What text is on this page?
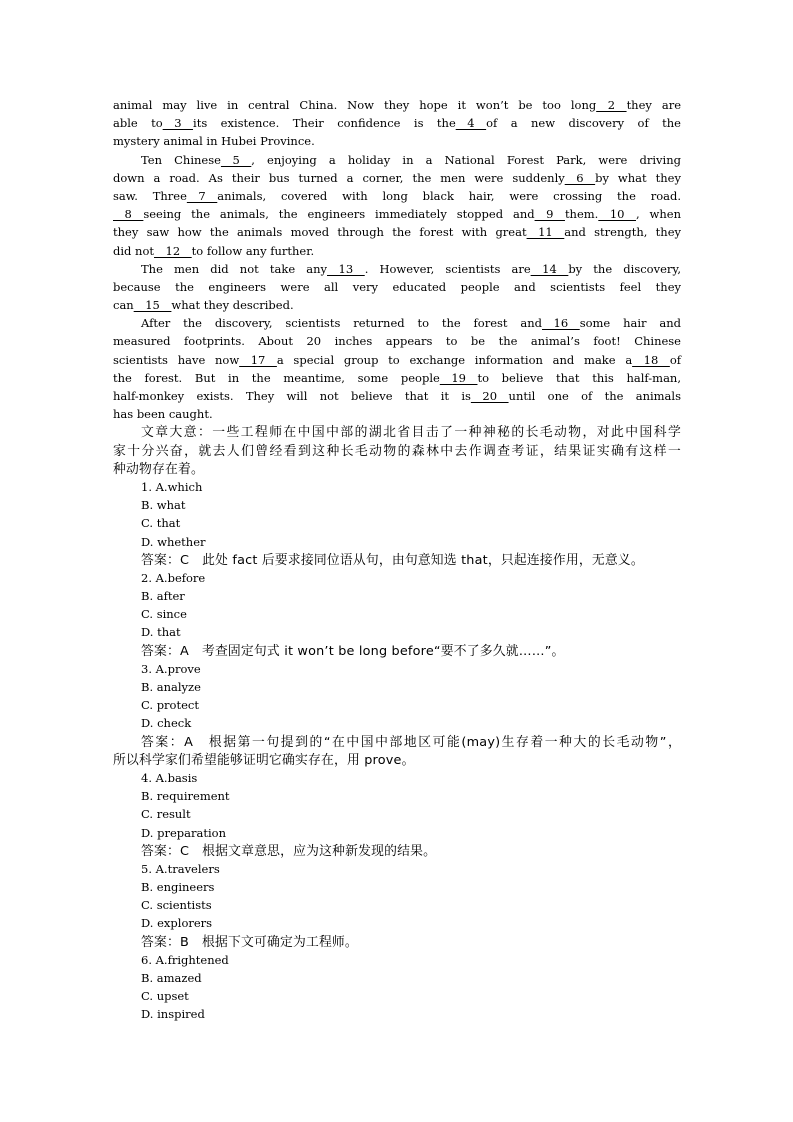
animal may live in central China. Now they hope it won’t be too long__2__they are
able to__3__its existence. Their confidence is the__4__of a new discovery of the
mystery animal in Hubei Province.
Ten Chinese__5__, enjoying a holiday in a National Forest Park, were driving
down a road. As their bus turned a corner, the men were suddenly__6__by what they
saw. Three__7__animals, covered with long black hair, were crossing the road.
__8__seeing the animals, the engineers immediately stopped and__9__them.__10__, when
they saw how the animals moved through the forest with great__11__and strength, they
did not__12__to follow any further.
The men did not take any__13__. However, scientists are__14__by the discovery,
because the engineers were all very educated people and scientists feel they
can__15__what they described.
After the discovery, scientists returned to the forest and__16__some hair and
measured footprints. About 20 inches appears to be the animal’s foot! Chinese
scientists have now__17__a special group to exchange information and make a__18__of
the forest. But in the meantime, some people__19__to believe that this half-man,
half-monkey exists. They will not believe that it is__20__until one of the animals
has been caught.
文章大意：一些工程师在中国中部的湖北省目击了一种神秘的长毛动物，对此中国科学
家十分兴奋，就去人们曾经看到这种长毛动物的森林中去作调查考证，结果证实确有这样一
种动物存在着。
1. A.which
B. what
C. that
D. whether
答案：C　此处 fact 后要求接同位语从句，由句意知选 that，只起连接作用，无意义。
2. A.before
B. after
C. since
D. that
答案：A　考查固定句式 it won’t be long before“要不了多久就……”。
3. A.prove
B. analyze
C. protect
D. check
答案：A　根据第一句提到的“在中国中部地区可能(may)生存着一种大的长毛动物”，
所以科学家们希望能够证明它确实存在，用 prove。
4. A.basis
B. requirement
C. result
D. preparation
答案：C　根据文章意思，应为这种新发现的结果。
5. A.travelers
B. engineers
C. scientists
D. explorers
答案：B　根据下文可确定为工程师。
6. A.frightened
B. amazed
C. upset
D. inspired
